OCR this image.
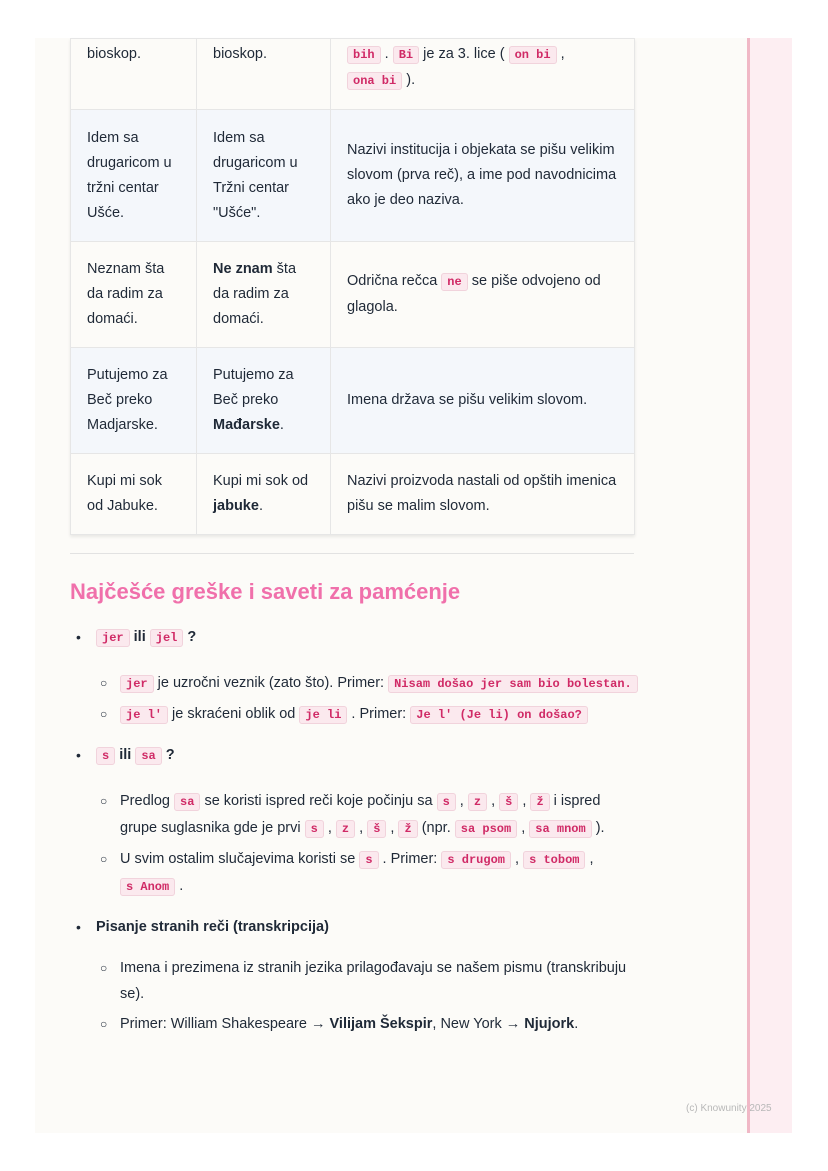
bioskop.	bioskop.	bih . Bi je za 3. lice ( on bi , ona bi ).

Idem sa
drugaricom u
tržni centar
Ušće.	Idem sa drugaricom u Tržni centar "Ušće".	Nazivi institucija i objekata se pišu velikim slovom (prva reč), a ime pod navodnicima ako je deo naziva.

Neznam šta
da radim za
domaći.	Ne znam šta da radim za domaći.	Odrična rečca ne se piše odvojeno od glagola.

Putujemo za
Beč preko
Madjarske.	Putujemo za Beč preko Mađarske.	Imena država se pišu velikim slovom.

Kupi mi sok
od Jabuke.	Kupi mi sok od jabuke.	Nazivi proizvoda nastali od opštih imenica pišu se malim slovom.
Najčešće greške i saveti za pamćenje
• jer ili jel ?
○ jer je uzročni veznik (zato što). Primer: Nisam došao jer sam bio bolestan.
○ je l' je skraćeni oblik od je li . Primer: Je l' (Je li) on došao?
• s ili sa ?
○ Predlog sa se koristi ispred reči koje počinju sa s , z , š , ž i ispred grupe suglasnika gde je prvi s , z , š , ž (npr. sa psom , sa mnom ).
○ U svim ostalim slučajevima koristi se s . Primer: s drugom , s tobom , s Anom .
• Pisanje stranih reči (transkripcija)
○ Imena i prezimena iz stranih jezika prilagođavaju se našem pismu (transkribuju se).
○ Primer: William Shakespeare → Vilijam Šekspir, New York → Njujork.
(c) Knowunity 2025
